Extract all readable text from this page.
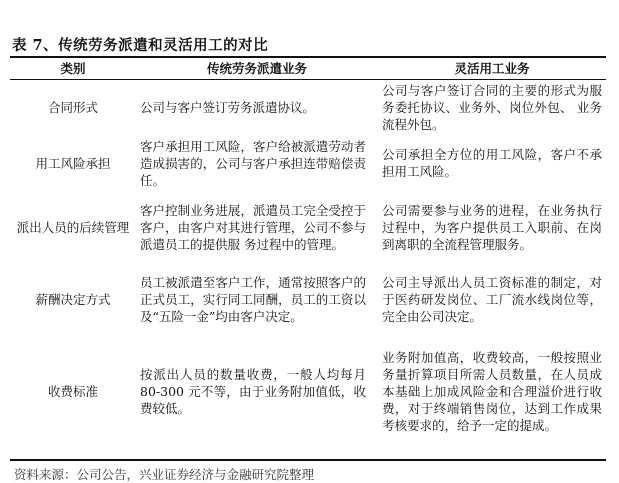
表 7、传统劳务派遣和灵活用工的对比
类别	传统劳务派遣业务	灵活用工业务
合同形式	公司与客户签订劳务派遣协议。	公司与客户签订合同的主要的形式为服务委托协议、业务外、岗位外包、 业务流程外包。
用工风险承担	客户承担用工风险，客户给被派遣劳动者造成损害的，公司与客户承担连带赔偿责任。	公司承担全方位的用工风险，客户不承担用工风险。
派出人员的后续管理	客户控制业务进展，派遣员工完全受控于客户，由客户对其进行管理，公司不参与派遣员工的提供服 务过程中的管理。	公司需要参与业务的进程，在业务执行过程中，为客户提供员工入职前、在岗到离职的全流程管理服务。
薪酬决定方式	员工被派遣至客户工作，通常按照客户的正式员工，实行同工同酬，员工的工资以及“五险一金”均由客户决定。	公司主导派出人员工资标准的制定，对于医药研发岗位、工厂流水线岗位等， 完全由公司决定。
收费标准	按派出人员的数量收费，一般人均每月 80-300 元不等，由于业务附加值低，收费较低。	业务附加值高，收费较高，一般按照业务量折算项目所需人员数量，在人员成本基础上加成风险金和合理溢价进行收费，对于终端销售岗位，达到工作成果考核要求的，给予一定的提成。
资料来源：公司公告，兴业证券经济与金融研究院整理
